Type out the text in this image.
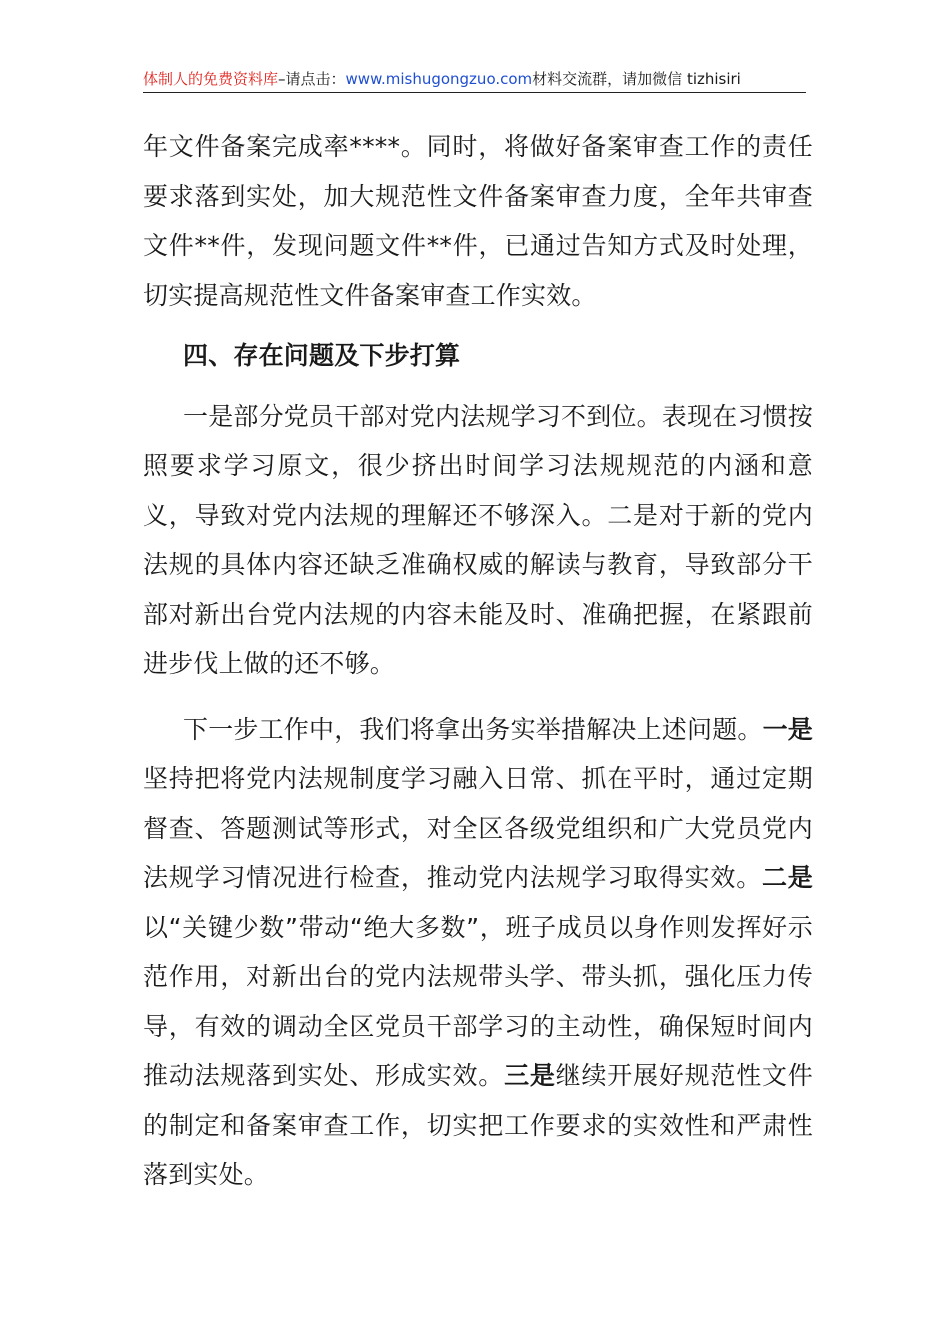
体制人的免费资料库–请点击：www.mishugongzuo.com材料交流群，请加微信 tizhisiri

年文件备案完成率****。同时，将做好备案审查工作的责任要求落到实处，加大规范性文件备案审查力度，全年共审查文件**件，发现问题文件**件，已通过告知方式及时处理，切实提高规范性文件备案审查工作实效。

四、存在问题及下步打算

一是部分党员干部对党内法规学习不到位。表现在习惯按照要求学习原文，很少挤出时间学习法规规范的内涵和意义，导致对党内法规的理解还不够深入。二是对于新的党内法规的具体内容还缺乏准确权威的解读与教育，导致部分干部对新出台党内法规的内容未能及时、准确把握，在紧跟前进步伐上做的还不够。

下一步工作中，我们将拿出务实举措解决上述问题。一是坚持把将党内法规制度学习融入日常、抓在平时，通过定期督查、答题测试等形式，对全区各级党组织和广大党员党内法规学习情况进行检查，推动党内法规学习取得实效。二是以“关键少数”带动“绝大多数”，班子成员以身作则发挥好示范作用，对新出台的党内法规带头学、带头抓，强化压力传导，有效的调动全区党员干部学习的主动性，确保短时间内推动法规落到实处、形成实效。三是继续开展好规范性文件的制定和备案审查工作，切实把工作要求的实效性和严肃性落到实处。
